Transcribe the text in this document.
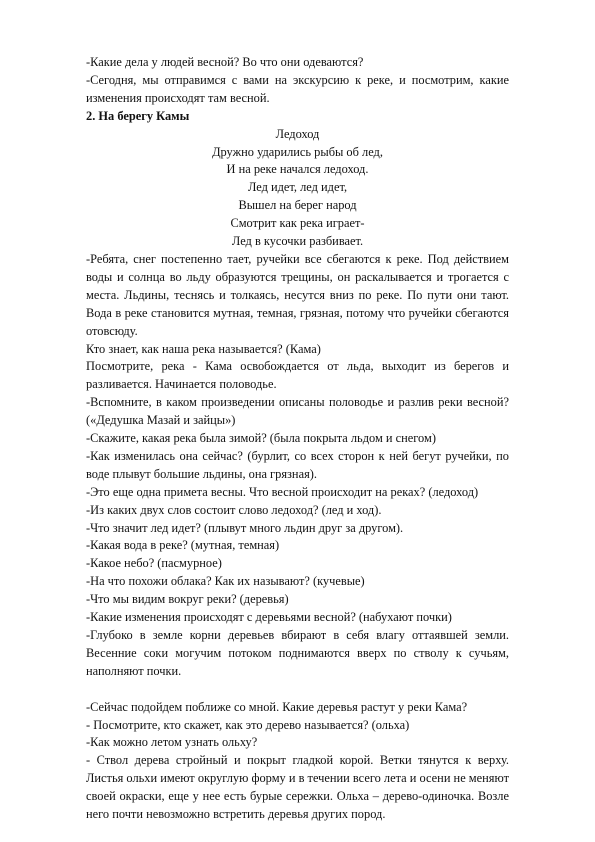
-Какие дела у людей весной? Во что они одеваются?

-Сегодня, мы отправимся с вами на экскурсию к реке, и посмотрим, какие изменения происходят там весной.

2. На берегу Камы

Ледоход

Дружно ударились рыбы об лед,

И на реке начался ледоход.

Лед идет, лед идет,

Вышел на берег народ

Смотрит как река играет-

Лед в кусочки разбивает.

-Ребята, снег постепенно тает, ручейки все сбегаются к реке. Под действием воды и солнца во льду образуются трещины, он раскалывается и трогается с места. Льдины, теснясь и толкаясь, несутся вниз по реке. По пути они тают. Вода в реке становится мутная, темная, грязная, потому что ручейки сбегаются отовсюду.

Кто знает, как наша река называется? (Кама)

Посмотрите, река - Кама освобождается от льда, выходит из берегов и разливается. Начинается половодье.

-Вспомните, в каком произведении описаны половодье и разлив реки весной? («Дедушка Мазай и зайцы»)

-Скажите, какая река была зимой? (была покрыта льдом и снегом)

-Как изменилась она сейчас? (бурлит, со всех сторон к ней бегут ручейки, по воде плывут большие льдины, она грязная).

-Это еще одна примета весны. Что весной происходит на реках? (ледоход)

-Из каких двух слов состоит слово ледоход? (лед и ход).

-Что значит лед идет? (плывут много льдин друг за другом).

-Какая вода в реке? (мутная, темная)

-Какое небо? (пасмурное)

-На что похожи облака? Как их называют? (кучевые)

-Что мы видим вокруг реки? (деревья)

-Какие изменения происходят с деревьями весной? (набухают почки)

-Глубоко в земле корни деревьев вбирают в себя влагу оттаявшей земли. Весенние соки могучим потоком поднимаются вверх по стволу к сучьям, наполняют почки.

-Сейчас подойдем поближе со мной. Какие деревья растут у реки Кама?

- Посмотрите, кто скажет, как это дерево называется? (ольха)

-Как можно летом узнать ольху?

- Ствол дерева стройный и покрыт гладкой корой. Ветки тянутся к верху. Листья ольхи имеют округлую форму и в течении всего лета и осени не меняют своей окраски, еще у нее есть бурые сережки. Ольха – дерево-одиночка. Возле него почти невозможно встретить деревья других пород.
